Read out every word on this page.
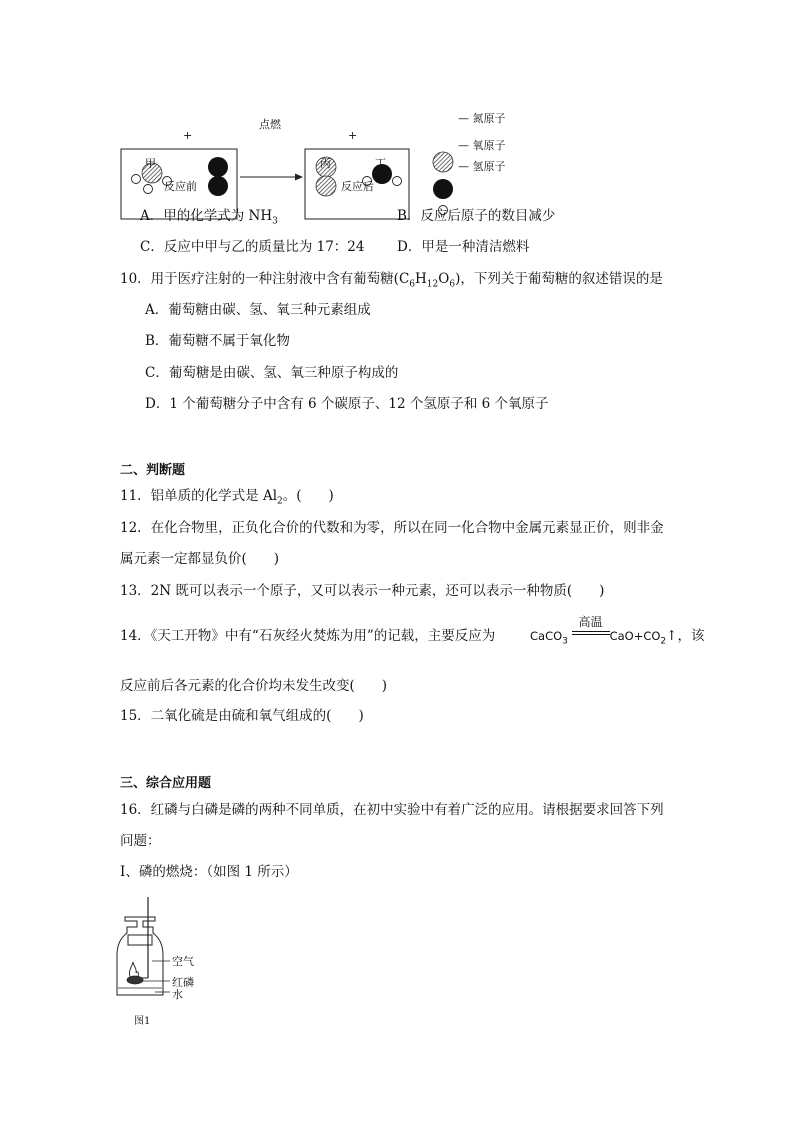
甲
+
乙
点燃
+
丙	丁
反应前	反应后
— 氮原子
— 氧原子
— 氢原子
A．甲的化学式为 $NH_3$	B．反应后原子的数目减少
C．反应中甲与乙的质量比为 17：24 D．甲是一种清洁燃料
10．用于医疗注射的一种注射液中含有葡萄糖$(C_6H_{12}O_6)$，下列关于葡萄糖的叙述错误的是
A．葡萄糖由碳、氢、氧三种元素组成
B．葡萄糖不属于氧化物
C．葡萄糖是由碳、氢、氧三种原子构成的
D．1 个葡萄糖分子中含有 6 个碳原子、12 个氢原子和 6 个氧原子
二、判断题
11．铝单质的化学式是 $Al_2$。(　　)
12．在化合物里，正负化合价的代数和为零，所以在同一化合物中金属元素显正价，则非金
属元素一定都显负价(　　)
13．2N 既可以表示一个原子，又可以表示一种元素，还可以表示一种物质(　　)
14．《天工开物》中有“石灰经火焚炼为用”的记载，主要反应为	CaCO$_3$
高温
$CaO+CO_2↑$，该
反应前后各元素的化合价均未发生改变(　　)
15．二氧化硫是由硫和氧气组成的(　　)
三、综合应用题
16．红磷与白磷是磷的两种不同单质，在初中实验中有着广泛的应用。请根据要求回答下列
问题：
Ⅰ、磷的燃烧：（如图 1 所示）
空气
红磷
水
图1
